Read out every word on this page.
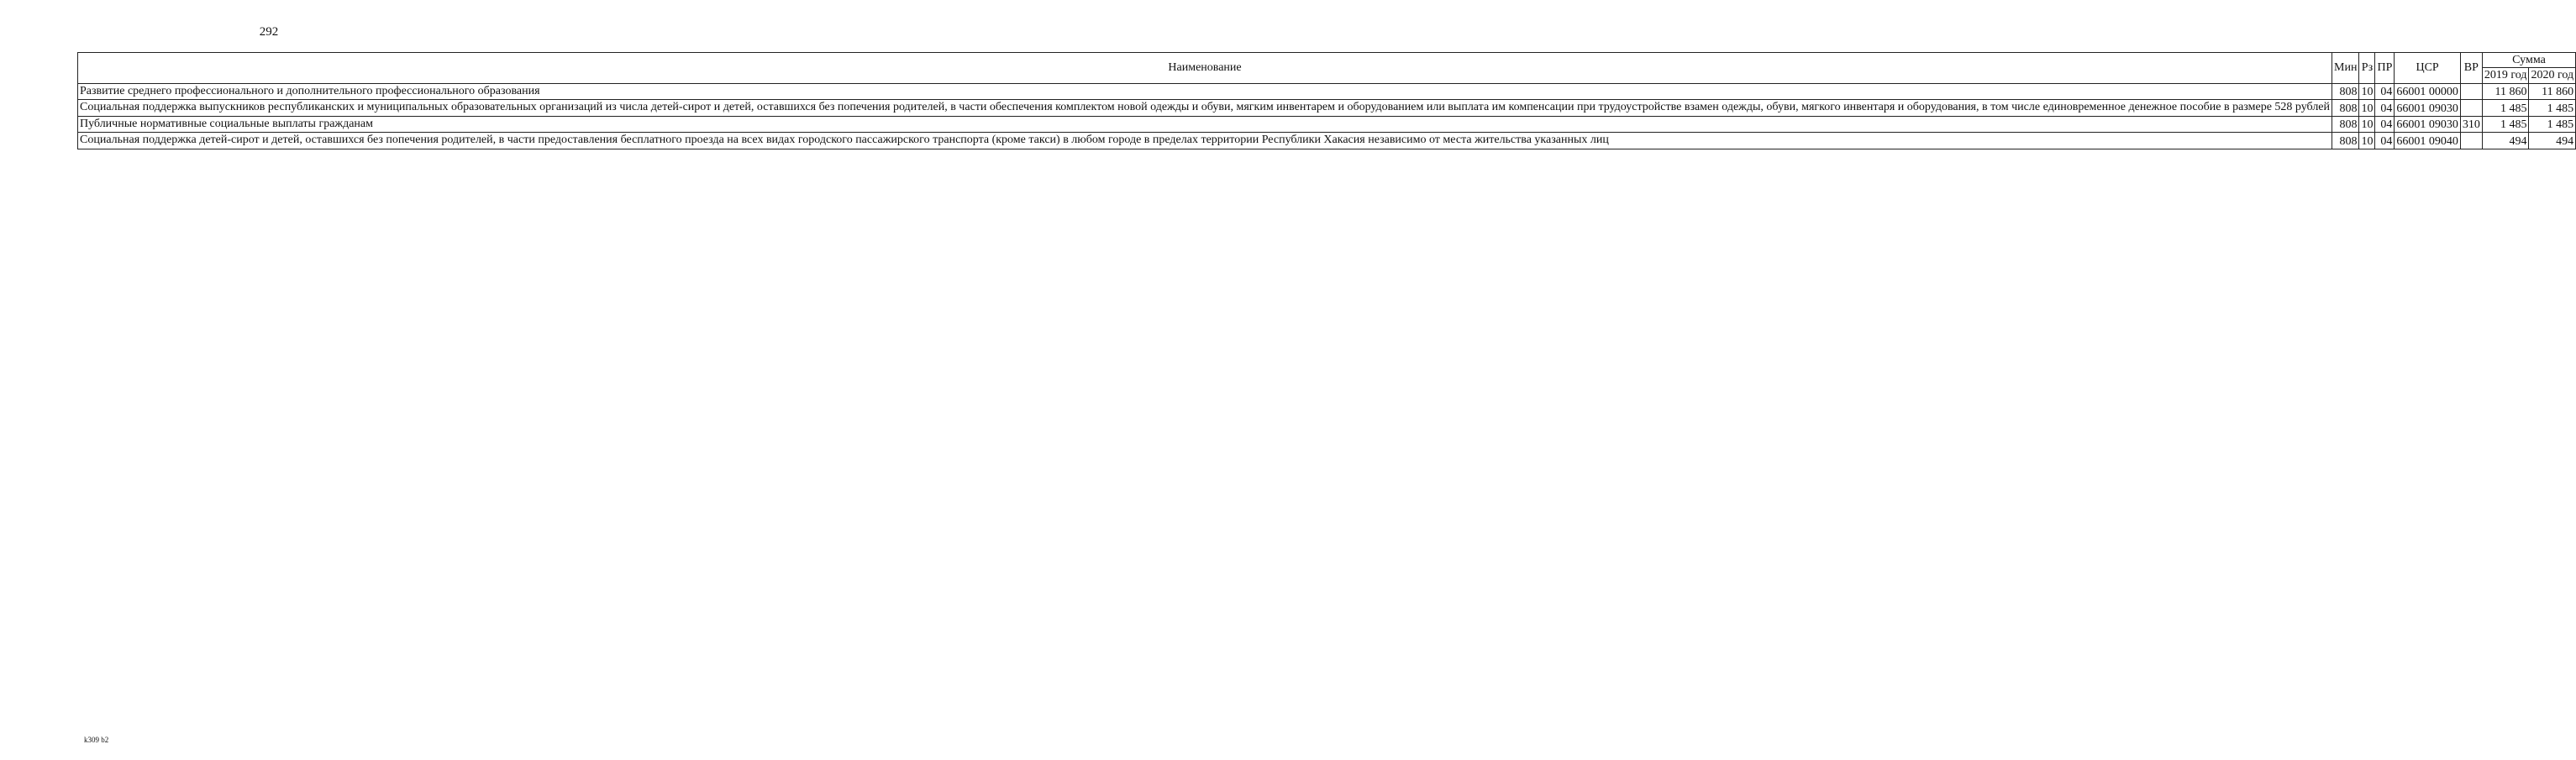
292
Наименование	Мин	Рз	ПР	ЦСР	ВР	Сумма	
						2019 год	2020 год
Развитие среднего профессионального и дополнительного профессионального образования	808	10	04	66001 00000		11 860	11 860
Социальная поддержка выпускников республиканских и муниципальных образовательных организаций из числа детей-сирот и детей, оставшихся без попечения родителей, в части обеспечения комплектом новой одежды и обуви, мягким инвентарем и оборудованием или выплата им компенсации при трудоустройстве взамен одежды, обуви, мягкого инвентаря и оборудования, в том числе единовременное денежное пособие в размере 528 рублей	808	10	04	66001 09030		1 485	1 485
Публичные нормативные социальные выплаты гражданам	808	10	04	66001 09030	310	1 485	1 485
Социальная поддержка детей-сирот и детей, оставшихся без попечения родителей, в части предоставления бесплатного проезда на всех видах городского пассажирского транспорта (кроме такси) в любом городе в пределах территории Республики Хакасия независимо от места жительства указанных лиц	808	10	04	66001 09040		494	494
k309 b2
